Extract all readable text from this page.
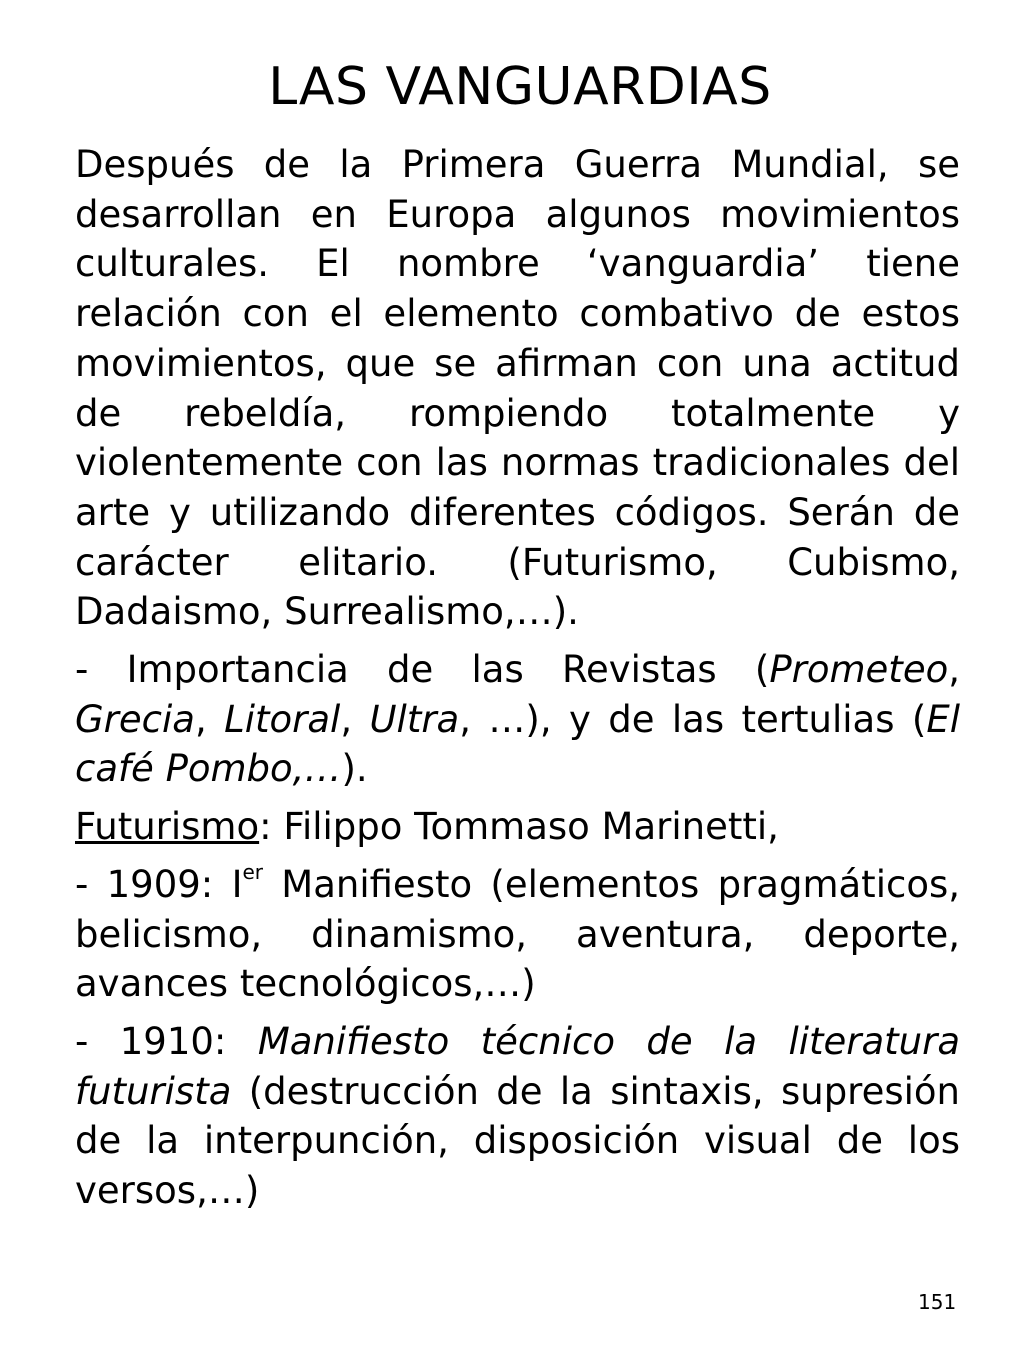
LAS VANGUARDIAS

Después de la Primera Guerra Mundial, se desarrollan en Europa algunos movimientos culturales. El nombre ‘vanguardia’ tiene relación con el elemento combativo de estos movimientos, que se afirman con una actitud de rebeldía, rompiendo totalmente y violentemente con las normas tradicionales del arte y utilizando diferentes códigos. Serán de carácter elitario. (Futurismo, Cubismo, Dadaismo, Surrealismo,…).

- Importancia de las Revistas (Prometeo, Grecia, Litoral, Ultra, …), y de las tertulias (El café Pombo,…).

Futurismo: Filippo Tommaso Marinetti,

- 1909: Ier Manifiesto (elementos pragmáticos, belicismo, dinamismo, aventura, deporte, avances tecnológicos,…)

- 1910: Manifiesto técnico de la literatura futurista (destrucción de la sintaxis, supresión de la interpunción, disposición visual de los versos,…)

151
